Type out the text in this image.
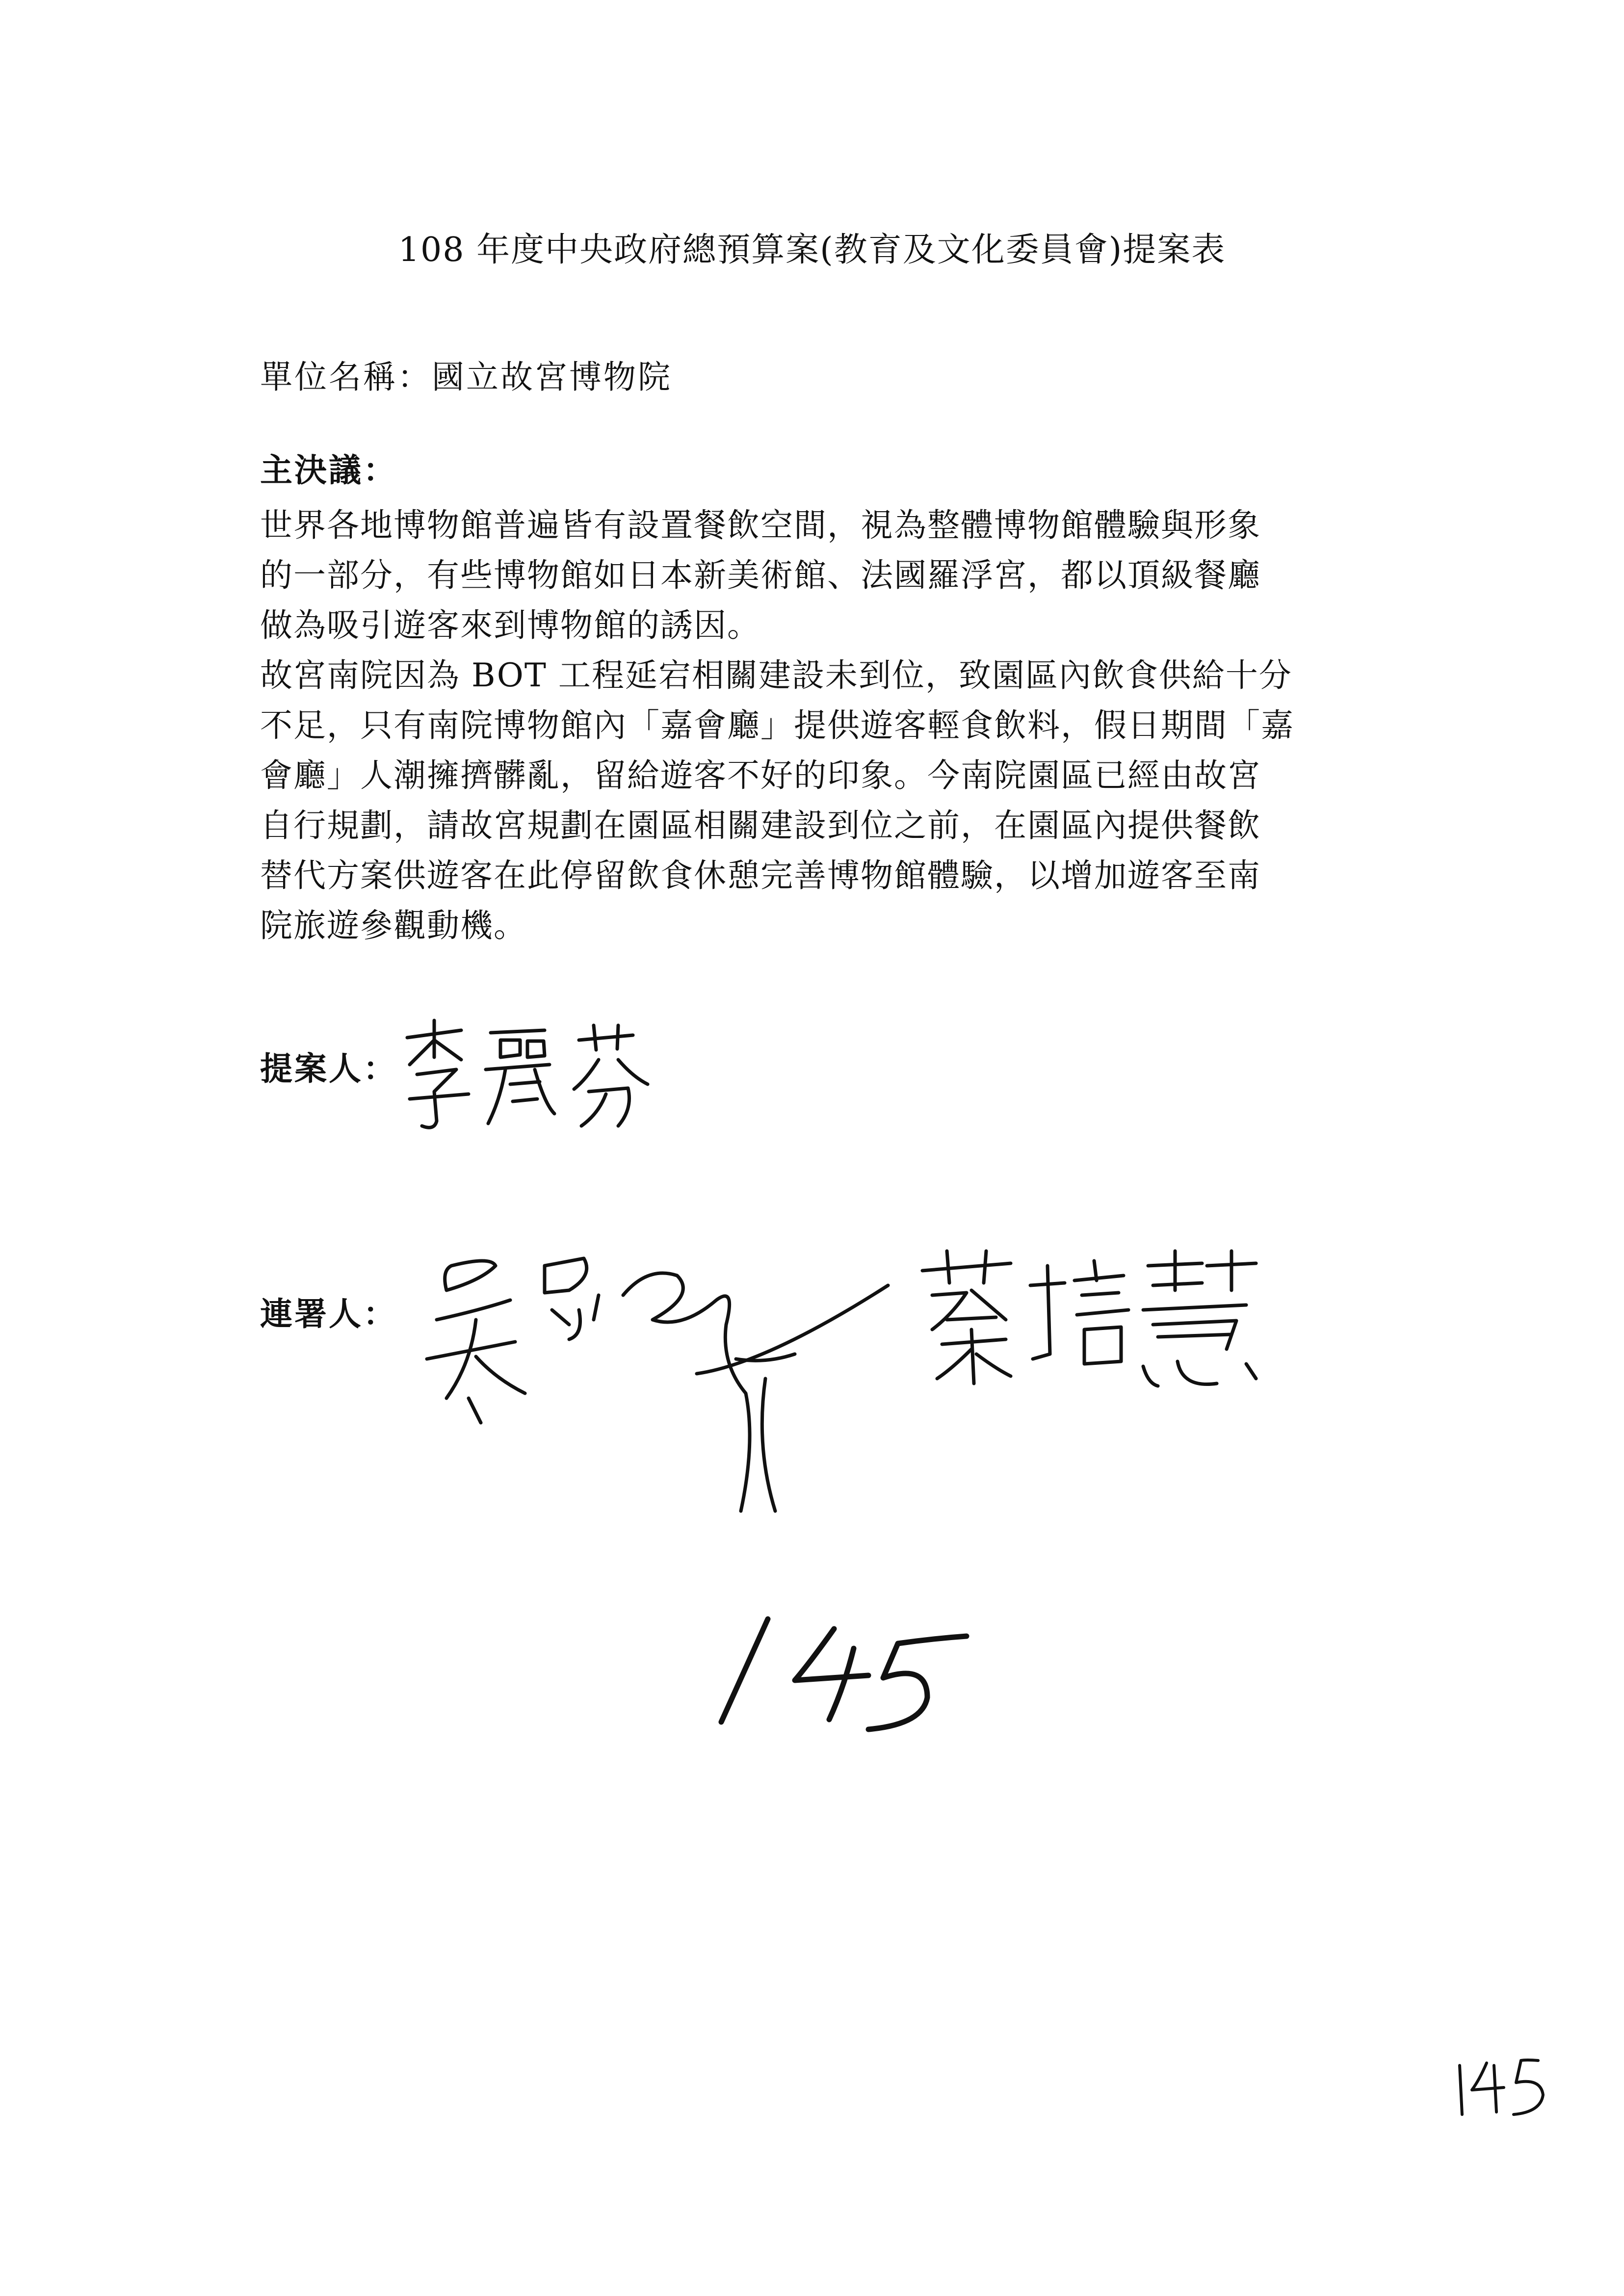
108 年度中央政府總預算案(教育及文化委員會)提案表
單位名稱：國立故宮博物院
主決議：

世界各地博物館普遍皆有設置餐飲空間，視為整體博物館體驗與形象

的一部分，有些博物館如日本新美術館、法國羅浮宮，都以頂級餐廳

做為吸引遊客來到博物館的誘因。

故宮南院因為 BOT 工程延宕相關建設未到位，致園區內飲食供給十分

不足，只有南院博物館內「嘉會廳」提供遊客輕食飲料，假日期間「嘉

會廳」人潮擁擠髒亂，留給遊客不好的印象。今南院園區已經由故宮

自行規劃，請故宮規劃在園區相關建設到位之前，在園區內提供餐飲

替代方案供遊客在此停留飲食休憩完善博物館體驗，以增加遊客至南

院旅遊參觀動機。

提案人：
連署人：
